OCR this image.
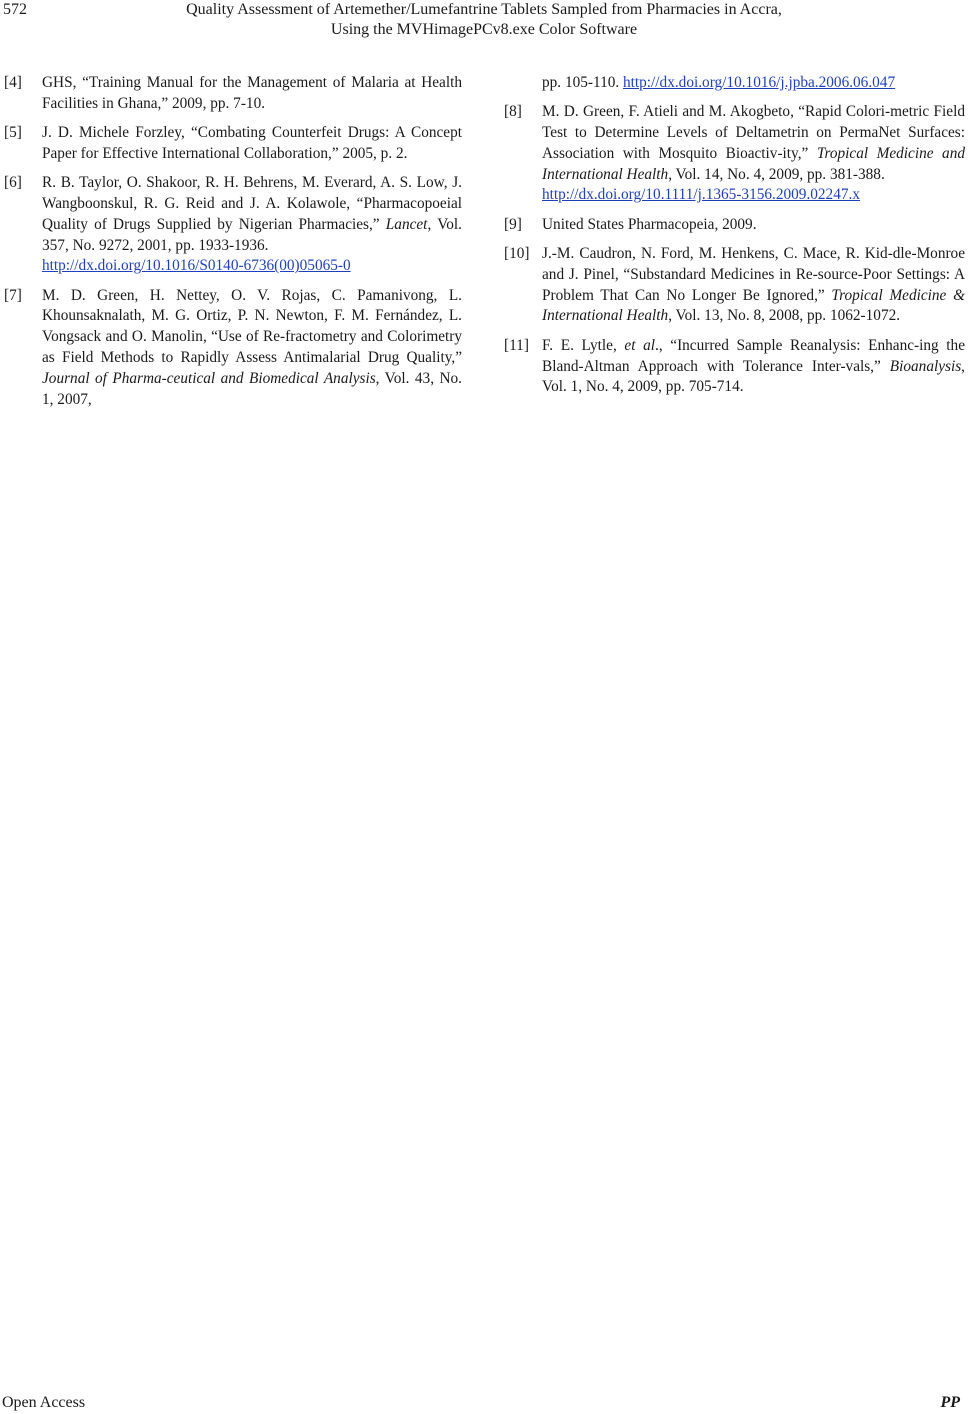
572	Quality Assessment of Artemether/Lumefantrine Tablets Sampled from Pharmacies in Accra,
Using the MVHimagePCv8.exe Color Software
[4]	GHS, “Training Manual for the Management of Malaria at Health Facilities in Ghana,” 2009, pp. 7-10.
[5]	J. D. Michele Forzley, “Combating Counterfeit Drugs: A Concept Paper for Effective International Collaboration,” 2005, p. 2.
[6]	R. B. Taylor, O. Shakoor, R. H. Behrens, M. Everard, A. S. Low, J. Wangboonskul, R. G. Reid and J. A. Kolawole, “Pharmacopoeial Quality of Drugs Supplied by Nigerian Pharmacies,” Lancet, Vol. 357, No. 9272, 2001, pp. 1933-1936.
http://dx.doi.org/10.1016/S0140-6736(00)05065-0
[7]	M. D. Green, H. Nettey, O. V. Rojas, C. Pamanivong, L. Khounsaknalath, M. G. Ortiz, P. N. Newton, F. M. Fernández, L. Vongsack and O. Manolin, “Use of Re-fractometry and Colorimetry as Field Methods to Rapidly Assess Antimalarial Drug Quality,” Journal of Pharma-ceutical and Biomedical Analysis, Vol. 43, No. 1, 2007,
pp. 105-110. http://dx.doi.org/10.1016/j.jpba.2006.06.047
[8]	M. D. Green, F. Atieli and M. Akogbeto, “Rapid Colori-metric Field Test to Determine Levels of Deltametrin on PermaNet Surfaces: Association with Mosquito Bioactiv-ity,” Tropical Medicine and International Health, Vol. 14, No. 4, 2009, pp. 381-388.
http://dx.doi.org/10.1111/j.1365-3156.2009.02247.x
[9]	United States Pharmacopeia, 2009.
[10] J.-M. Caudron, N. Ford, M. Henkens, C. Mace, R. Kid-dle-Monroe and J. Pinel, “Substandard Medicines in Re-source-Poor Settings: A Problem That Can No Longer Be Ignored,” Tropical Medicine & International Health, Vol. 13, No. 8, 2008, pp. 1062-1072.
[11] F. E. Lytle, et al., “Incurred Sample Reanalysis: Enhanc-ing the Bland-Altman Approach with Tolerance Inter-vals,” Bioanalysis, Vol. 1, No. 4, 2009, pp. 705-714.
Open Access	PP
